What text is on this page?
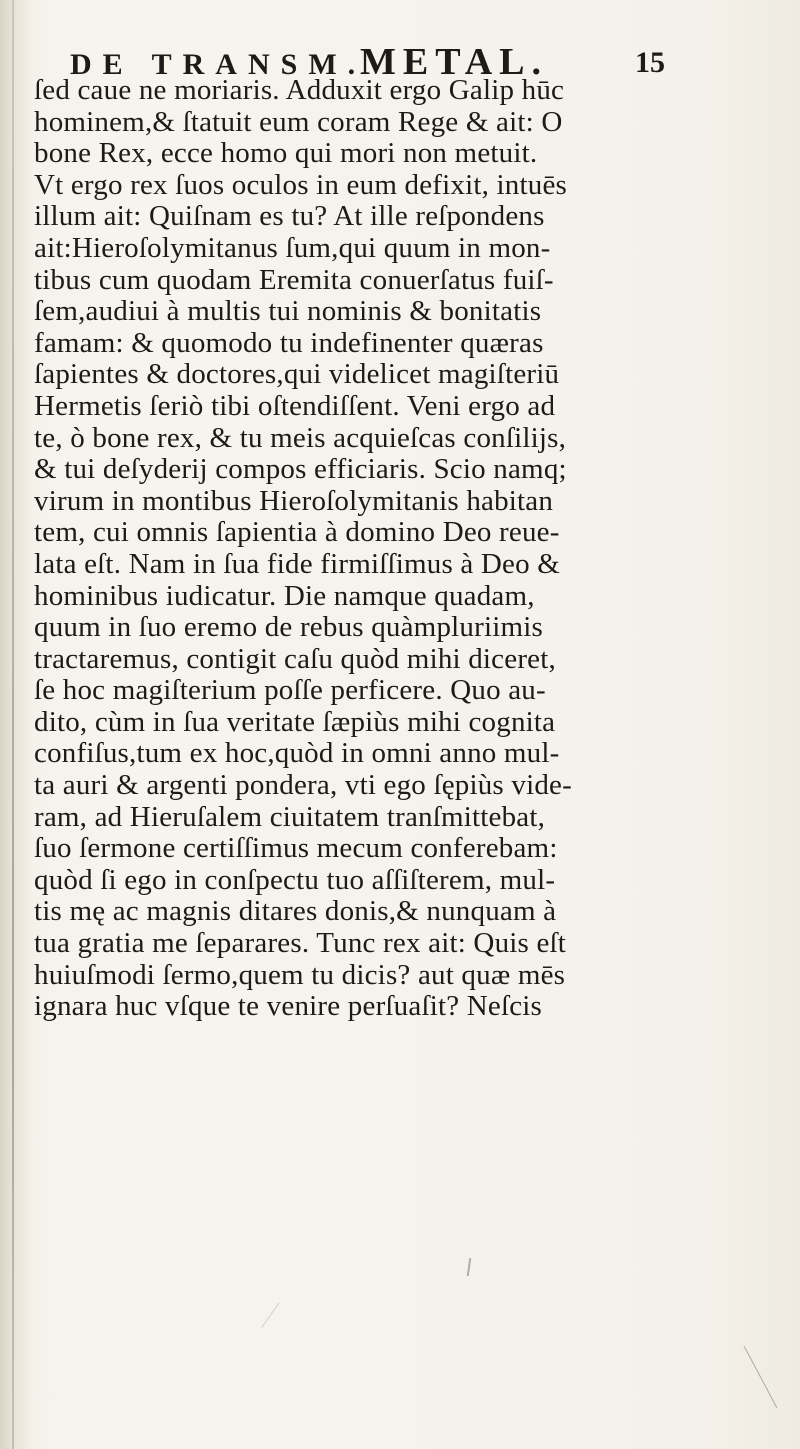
DE TRANSM.
METAL.	15
ſed caue ne moriaris. Adduxit ergo Galip hūc
hominem,& ſtatuit eum coram Rege & ait: O
bone Rex, ecce homo qui mori non metuit.
Vt ergo rex ſuos oculos in eum defixit, intuēs
illum ait: Quiſnam es tu? At ille reſpondens
ait:Hieroſolymitanus ſum,qui quum in mon-
tibus cum quodam Eremita conuerſatus fuiſ-
ſem,audiui à multis tui nominis & bonitatis
famam: & quomodo tu indefinenter quæras
ſapientes & doctores,qui videlicet magiſteriū
Hermetis ſeriò tibi oſtendiſſent. Veni ergo ad
te, ò bone rex, & tu meis acquieſcas conſilijs,
& tui deſyderij compos efficiaris. Scio namq;
virum in montibus Hieroſolymitanis habitan
tem, cui omnis ſapientia à domino Deo reue-
lata eſt. Nam in ſua fide firmiſſimus à Deo &
hominibus iudicatur. Die namque quadam,
quum in ſuo eremo de rebus quàmpluriimis
tractaremus, contigit caſu quòd mihi diceret,
ſe hoc magiſterium poſſe perficere. Quo au-
dito, cùm in ſua veritate ſæpiùs mihi cognita
confiſus,tum ex hoc,quòd in omni anno mul-
ta auri & argenti pondera, vti ego ſępiùs vide-
ram, ad Hieruſalem ciuitatem tranſmittebat,
ſuo ſermone certiſſimus mecum conferebam:
quòd ſi ego in conſpectu tuo aſſiſterem, mul-
tis mę ac magnis ditares donis,& nunquam à
tua gratia me ſeparares. Tunc rex ait: Quis eſt
huiuſmodi ſermo,quem tu dicis? aut quæ mēs
ignara huc vſque te venire perſuaſit? Neſcis
